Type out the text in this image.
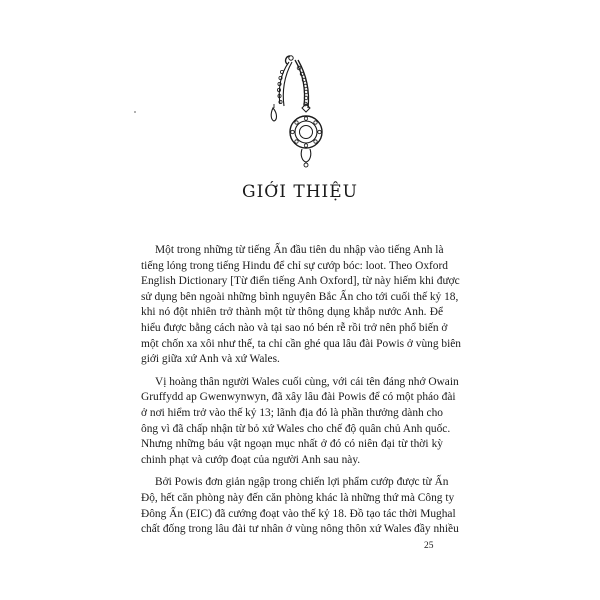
GIỚI THIỆU
Một trong những từ tiếng Ấn đầu tiên du nhập vào tiếng Anh là
tiếng lóng trong tiếng Hindu để chỉ sự cướp bóc: loot. Theo Oxford
English Dictionary [Từ điển tiếng Anh Oxford], từ này hiếm khi được
sử dụng bên ngoài những bình nguyên Bắc Ấn cho tới cuối thế kỷ 18,
khi nó đột nhiên trở thành một từ thông dụng khắp nước Anh. Để
hiểu được bằng cách nào và tại sao nó bén rễ rồi trở nên phổ biến ở
một chốn xa xôi như thế, ta chỉ cần ghé qua lâu đài Powis ở vùng biên
giới giữa xứ Anh và xứ Wales.
Vị hoàng thân người Wales cuối cùng, với cái tên đáng nhớ Owain
Gruffydd ap Gwenwynwyn, đã xây lâu đài Powis để có một pháo đài
ở nơi hiểm trở vào thế kỷ 13; lãnh địa đó là phần thưởng dành cho
ông vì đã chấp nhận từ bỏ xứ Wales cho chế độ quân chủ Anh quốc.
Nhưng những báu vật ngoạn mục nhất ở đó có niên đại từ thời kỳ
chinh phạt và cướp đoạt của người Anh sau này.
Bởi Powis đơn giản ngập trong chiến lợi phẩm cướp được từ Ấn
Độ, hết căn phòng này đến căn phòng khác là những thứ mà Công ty
Đông Ấn (EIC) đã cướng đoạt vào thế kỷ 18. Đồ tạo tác thời Mughal
chất đống trong lâu đài tư nhân ở vùng nông thôn xứ Wales đầy nhiều
25
